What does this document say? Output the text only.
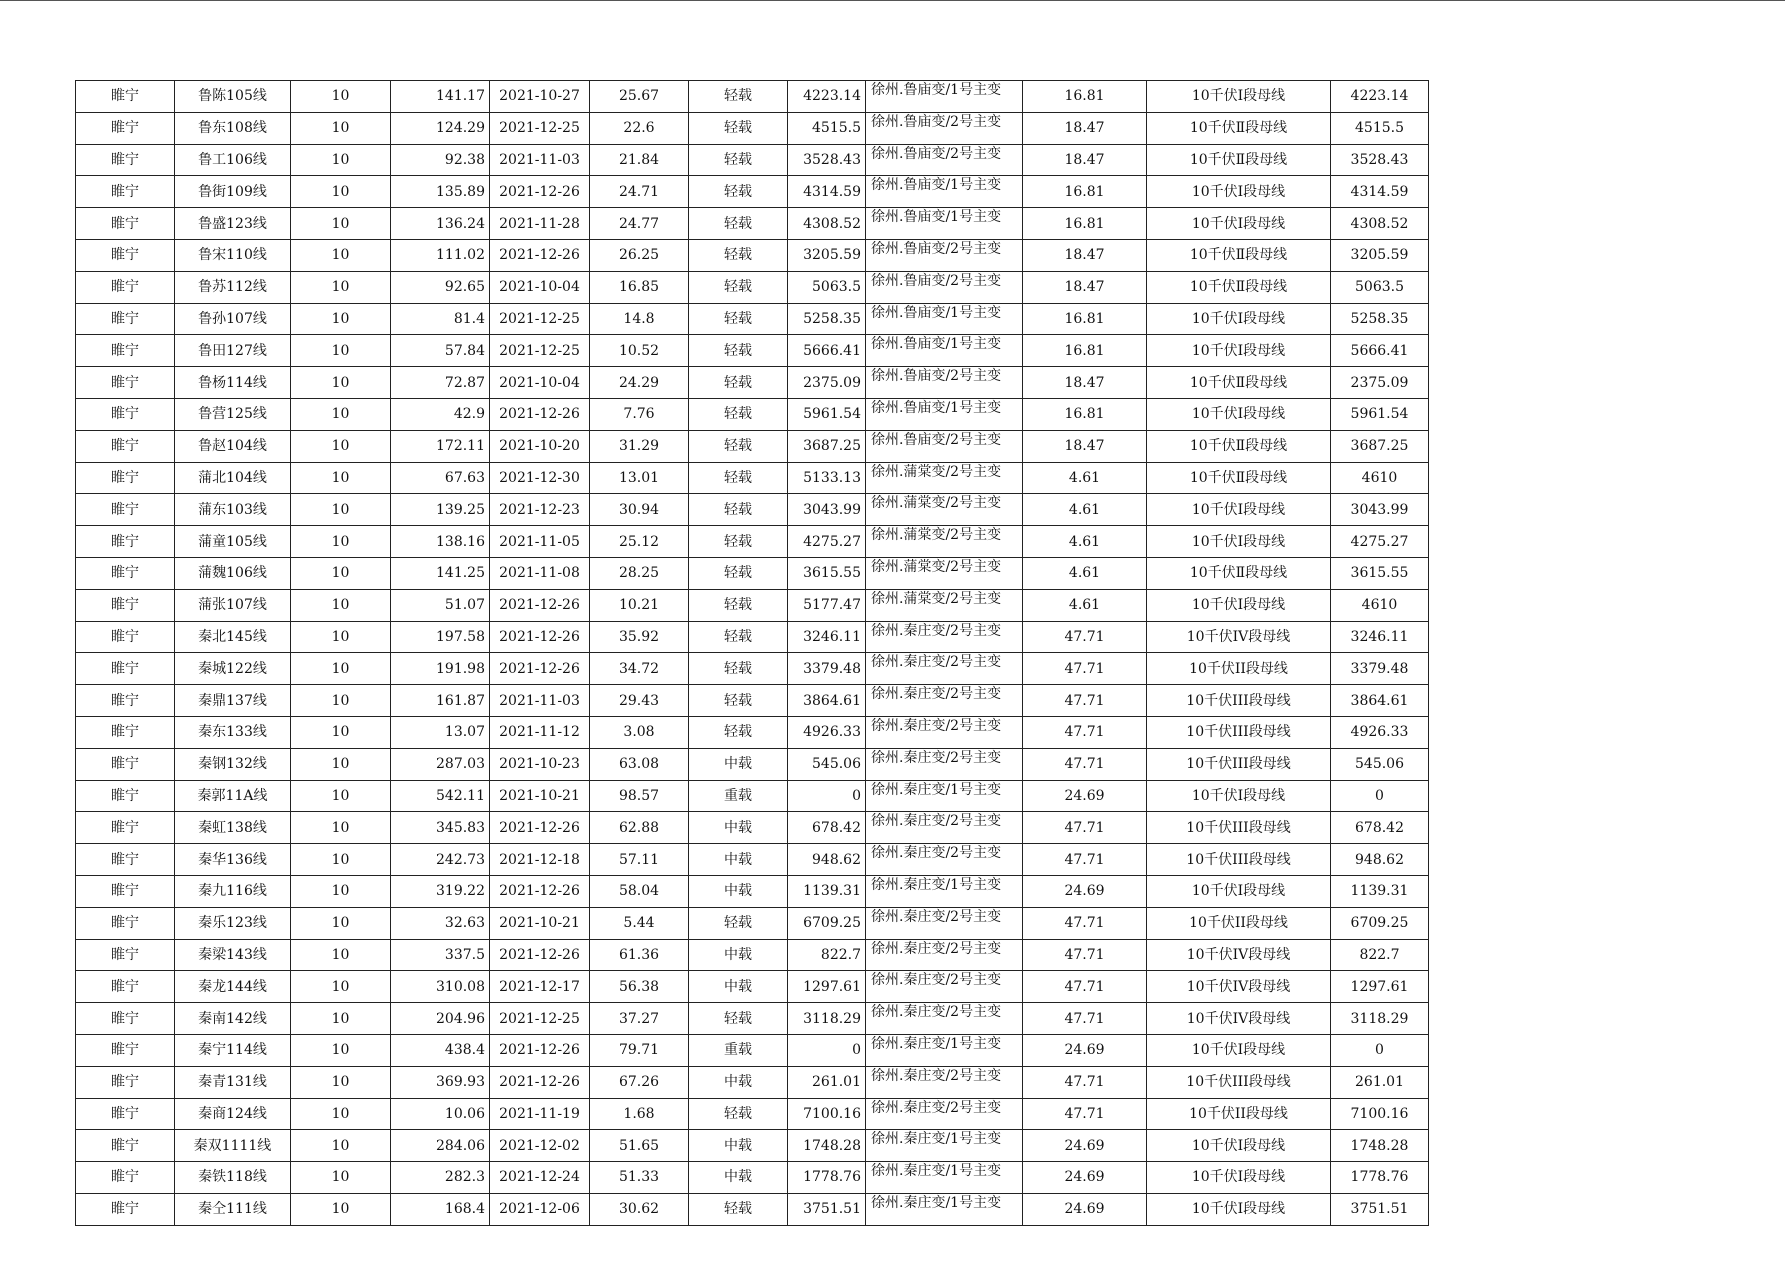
睢宁	鲁陈105线	10	141.17	2021-10-27	25.67	轻载	4223.14	徐州.鲁庙变/1号主变	16.81	10千伏Ⅰ段母线	4223.14
睢宁	鲁东108线	10	124.29	2021-12-25	22.6	轻载	4515.5	徐州.鲁庙变/2号主变	18.47	10千伏Ⅱ段母线	4515.5
睢宁	鲁工106线	10	92.38	2021-11-03	21.84	轻载	3528.43	徐州.鲁庙变/2号主变	18.47	10千伏Ⅱ段母线	3528.43
睢宁	鲁街109线	10	135.89	2021-12-26	24.71	轻载	4314.59	徐州.鲁庙变/1号主变	16.81	10千伏Ⅰ段母线	4314.59
睢宁	鲁盛123线	10	136.24	2021-11-28	24.77	轻载	4308.52	徐州.鲁庙变/1号主变	16.81	10千伏Ⅰ段母线	4308.52
睢宁	鲁宋110线	10	111.02	2021-12-26	26.25	轻载	3205.59	徐州.鲁庙变/2号主变	18.47	10千伏Ⅱ段母线	3205.59
睢宁	鲁苏112线	10	92.65	2021-10-04	16.85	轻载	5063.5	徐州.鲁庙变/2号主变	18.47	10千伏Ⅱ段母线	5063.5
睢宁	鲁孙107线	10	81.4	2021-12-25	14.8	轻载	5258.35	徐州.鲁庙变/1号主变	16.81	10千伏Ⅰ段母线	5258.35
睢宁	鲁田127线	10	57.84	2021-12-25	10.52	轻载	5666.41	徐州.鲁庙变/1号主变	16.81	10千伏Ⅰ段母线	5666.41
睢宁	鲁杨114线	10	72.87	2021-10-04	24.29	轻载	2375.09	徐州.鲁庙变/2号主变	18.47	10千伏Ⅱ段母线	2375.09
睢宁	鲁营125线	10	42.9	2021-12-26	7.76	轻载	5961.54	徐州.鲁庙变/1号主变	16.81	10千伏Ⅰ段母线	5961.54
睢宁	鲁赵104线	10	172.11	2021-10-20	31.29	轻载	3687.25	徐州.鲁庙变/2号主变	18.47	10千伏Ⅱ段母线	3687.25
睢宁	蒲北104线	10	67.63	2021-12-30	13.01	轻载	5133.13	徐州.蒲棠变/2号主变	4.61	10千伏Ⅱ段母线	4610
睢宁	蒲东103线	10	139.25	2021-12-23	30.94	轻载	3043.99	徐州.蒲棠变/2号主变	4.61	10千伏Ⅰ段母线	3043.99
睢宁	蒲童105线	10	138.16	2021-11-05	25.12	轻载	4275.27	徐州.蒲棠变/2号主变	4.61	10千伏Ⅰ段母线	4275.27
睢宁	蒲魏106线	10	141.25	2021-11-08	28.25	轻载	3615.55	徐州.蒲棠变/2号主变	4.61	10千伏Ⅱ段母线	3615.55
睢宁	蒲张107线	10	51.07	2021-12-26	10.21	轻载	5177.47	徐州.蒲棠变/2号主变	4.61	10千伏Ⅰ段母线	4610
睢宁	秦北145线	10	197.58	2021-12-26	35.92	轻载	3246.11	徐州.秦庄变/2号主变	47.71	10千伏IV段母线	3246.11
睢宁	秦城122线	10	191.98	2021-12-26	34.72	轻载	3379.48	徐州.秦庄变/2号主变	47.71	10千伏II段母线	3379.48
睢宁	秦鼎137线	10	161.87	2021-11-03	29.43	轻载	3864.61	徐州.秦庄变/2号主变	47.71	10千伏III段母线	3864.61
睢宁	秦东133线	10	13.07	2021-11-12	3.08	轻载	4926.33	徐州.秦庄变/2号主变	47.71	10千伏III段母线	4926.33
睢宁	秦钢132线	10	287.03	2021-10-23	63.08	中载	545.06	徐州.秦庄变/2号主变	47.71	10千伏III段母线	545.06
睢宁	秦郭11A线	10	542.11	2021-10-21	98.57	重载	0	徐州.秦庄变/1号主变	24.69	10千伏Ⅰ段母线	0
睢宁	秦虹138线	10	345.83	2021-12-26	62.88	中载	678.42	徐州.秦庄变/2号主变	47.71	10千伏III段母线	678.42
睢宁	秦华136线	10	242.73	2021-12-18	57.11	中载	948.62	徐州.秦庄变/2号主变	47.71	10千伏III段母线	948.62
睢宁	秦九116线	10	319.22	2021-12-26	58.04	中载	1139.31	徐州.秦庄变/1号主变	24.69	10千伏Ⅰ段母线	1139.31
睢宁	秦乐123线	10	32.63	2021-10-21	5.44	轻载	6709.25	徐州.秦庄变/2号主变	47.71	10千伏II段母线	6709.25
睢宁	秦梁143线	10	337.5	2021-12-26	61.36	中载	822.7	徐州.秦庄变/2号主变	47.71	10千伏IV段母线	822.7
睢宁	秦龙144线	10	310.08	2021-12-17	56.38	中载	1297.61	徐州.秦庄变/2号主变	47.71	10千伏IV段母线	1297.61
睢宁	秦南142线	10	204.96	2021-12-25	37.27	轻载	3118.29	徐州.秦庄变/2号主变	47.71	10千伏IV段母线	3118.29
睢宁	秦宁114线	10	438.4	2021-12-26	79.71	重载	0	徐州.秦庄变/1号主变	24.69	10千伏Ⅰ段母线	0
睢宁	秦青131线	10	369.93	2021-12-26	67.26	中载	261.01	徐州.秦庄变/2号主变	47.71	10千伏III段母线	261.01
睢宁	秦商124线	10	10.06	2021-11-19	1.68	轻载	7100.16	徐州.秦庄变/2号主变	47.71	10千伏II段母线	7100.16
睢宁	秦双1111线	10	284.06	2021-12-02	51.65	中载	1748.28	徐州.秦庄变/1号主变	24.69	10千伏Ⅰ段母线	1748.28
睢宁	秦铁118线	10	282.3	2021-12-24	51.33	中载	1778.76	徐州.秦庄变/1号主变	24.69	10千伏Ⅰ段母线	1778.76
睢宁	秦仝111线	10	168.4	2021-12-06	30.62	轻载	3751.51	徐州.秦庄变/1号主变	24.69	10千伏Ⅰ段母线	3751.51
